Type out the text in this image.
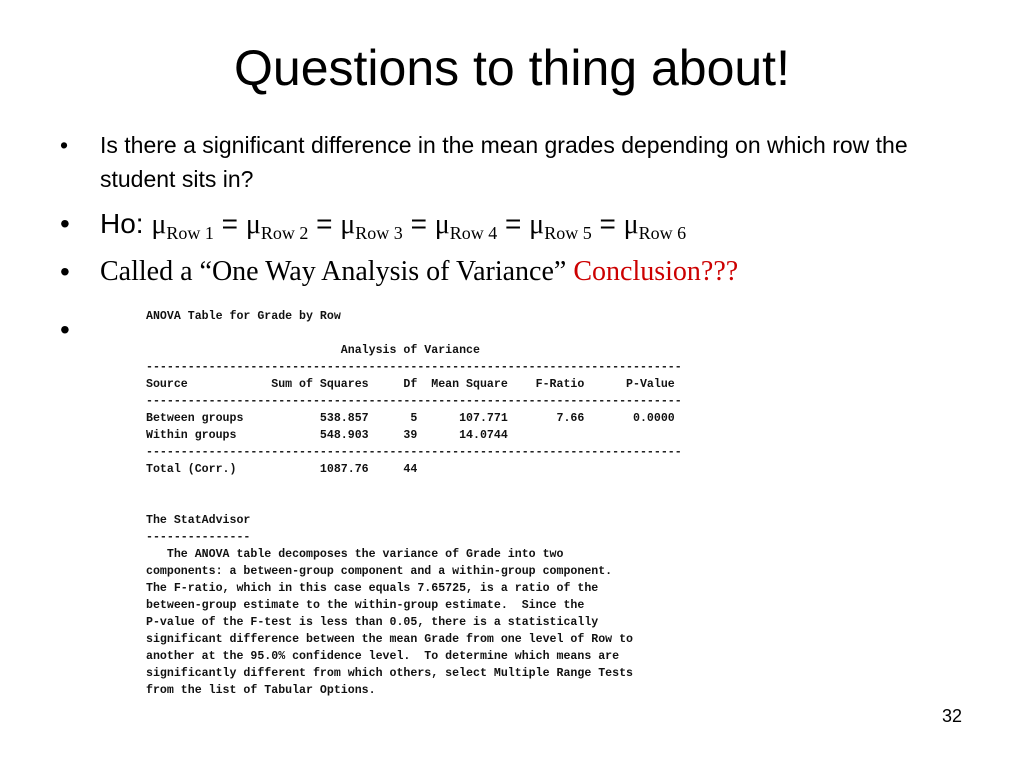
Questions to thing about!
• Is there a significant difference in the mean grades depending on which row the student sits in?
• Ho: $\mu_{Row 1} = \mu_{Row 2} = \mu_{Row 3} = \mu_{Row 4} = \mu_{Row 5} = \mu_{Row 6}$
• Called a “One Way Analysis of Variance” Conclusion???
•	ANOVA Table for Grade by Row

Analysis of Variance
-----------------------------------------------------------------------------
Source            Sum of Squares     Df  Mean Square    F-Ratio      P-Value
-----------------------------------------------------------------------------
Between groups           538.857      5      107.771       7.66       0.0000
Within groups            548.903     39      14.0744
-----------------------------------------------------------------------------
Total (Corr.)            1087.76     44

The StatAdvisor
---------------
The ANOVA table decomposes the variance of Grade into two
components: a between-group component and a within-group component.
The F-ratio, which in this case equals 7.65725, is a ratio of the
between-group estimate to the within-group estimate.  Since the
P-value of the F-test is less than 0.05, there is a statistically
significant difference between the mean Grade from one level of Row to
another at the 95.0% confidence level.  To determine which means are
significantly different from which others, select Multiple Range Tests
from the list of Tabular Options.
32
